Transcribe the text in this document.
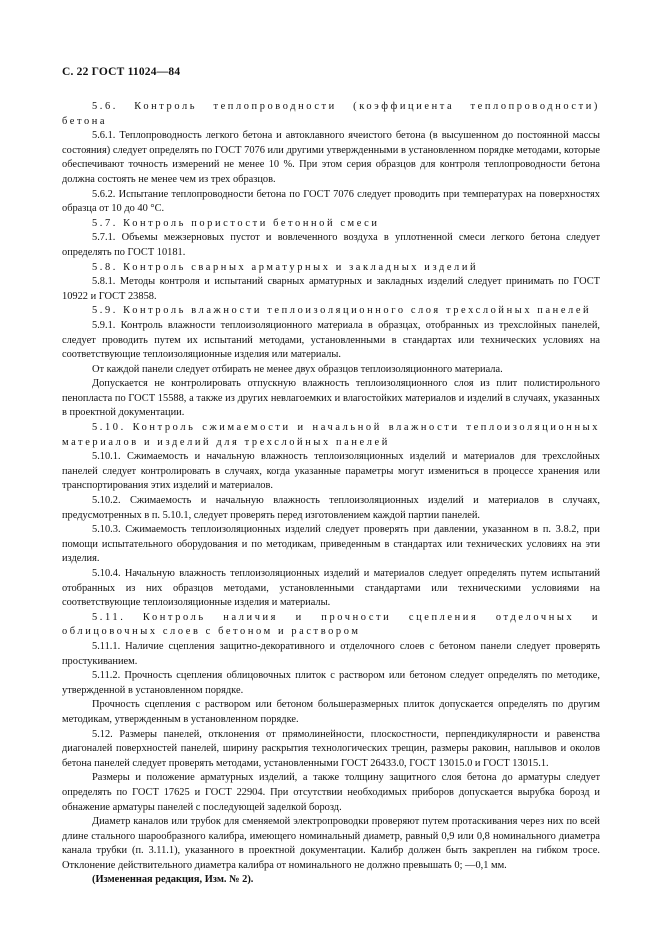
С. 22 ГОСТ 11024—84

5.6. Контроль теплопроводности (коэффициента теплопроводности) бетона

5.6.1. Теплопроводность легкого бетона и автоклавного ячеистого бетона (в высушенном до постоянной массы состояния) следует определять по ГОСТ 7076 или другими утвержденными в установленном порядке методами, которые обеспечивают точность измерений не менее 10 %. При этом серия образцов для контроля теплопроводности бетона должна состоять не менее чем из трех образцов.

5.6.2. Испытание теплопроводности бетона по ГОСТ 7076 следует проводить при температурах на поверхностях образца от 10 до 40 °С.

5.7. Контроль пористости бетонной смеси

5.7.1. Объемы межзерновых пустот и вовлеченного воздуха в уплотненной смеси легкого бетона следует определять по ГОСТ 10181.

5.8. Контроль сварных арматурных и закладных изделий

5.8.1. Методы контроля и испытаний сварных арматурных и закладных изделий следует принимать по ГОСТ 10922 и ГОСТ 23858.

5.9. Контроль влажности теплоизоляционного слоя трехслойных панелей

5.9.1. Контроль влажности теплоизоляционного материала в образцах, отобранных из трехслойных панелей, следует проводить путем их испытаний методами, установленными в стандартах или технических условиях на соответствующие теплоизоляционные изделия или материалы.

От каждой панели следует отбирать не менее двух образцов теплоизоляционного материала.

Допускается не контролировать отпускную влажность теплоизоляционного слоя из плит полистирольного пенопласта по ГОСТ 15588, а также из других невлагоемких и влагостойких материалов и изделий в случаях, указанных в проектной документации.

5.10. Контроль сжимаемости и начальной влажности теплоизоляционных материалов и изделий для трехслойных панелей

5.10.1. Сжимаемость и начальную влажность теплоизоляционных изделий и материалов для трехслойных панелей следует контролировать в случаях, когда указанные параметры могут измениться в процессе хранения или транспортирования этих изделий и материалов.

5.10.2. Сжимаемость и начальную влажность теплоизоляционных изделий и материалов в случаях, предусмотренных в п. 5.10.1, следует проверять перед изготовлением каждой партии панелей.

5.10.3. Сжимаемость теплоизоляционных изделий следует проверять при давлении, указанном в п. 3.8.2, при помощи испытательного оборудования и по методикам, приведенным в стандартах или технических условиях на эти изделия.

5.10.4. Начальную влажность теплоизоляционных изделий и материалов следует определять путем испытаний отобранных из них образцов методами, установленными стандартами или техническими условиями на соответствующие теплоизоляционные изделия и материалы.

5.11. Контроль наличия и прочности сцепления отделочных и облицовочных слоев с бетоном и раствором

5.11.1. Наличие сцепления защитно-декоративного и отделочного слоев с бетоном панели следует проверять простукиванием.

5.11.2. Прочность сцепления облицовочных плиток с раствором или бетоном следует определять по методике, утвержденной в установленном порядке.

Прочность сцепления с раствором или бетоном большеразмерных плиток допускается определять по другим методикам, утвержденным в установленном порядке.

5.12. Размеры панелей, отклонения от прямолинейности, плоскостности, перпендикулярности и равенства диагоналей поверхностей панелей, ширину раскрытия технологических трещин, размеры раковин, наплывов и околов бетона панелей следует проверять методами, установленными ГОСТ 26433.0, ГОСТ 13015.0 и ГОСТ 13015.1.

Размеры и положение арматурных изделий, а также толщину защитного слоя бетона до арматуры следует определять по ГОСТ 17625 и ГОСТ 22904. При отсутствии необходимых приборов допускается вырубка борозд и обнажение арматуры панелей с последующей заделкой борозд.

Диаметр каналов или трубок для сменяемой электропроводки проверяют путем протаскивания через них по всей длине стального шарообразного калибра, имеющего номинальный диаметр, равный 0,9 или 0,8 номинального диаметра канала трубки (п. 3.11.1), указанного в проектной документации. Калибр должен быть закреплен на гибком тросе. Отклонение действительного диаметра калибра от номинального не должно превышать 0; —0,1 мм.

(Измененная редакция, Изм. № 2).
